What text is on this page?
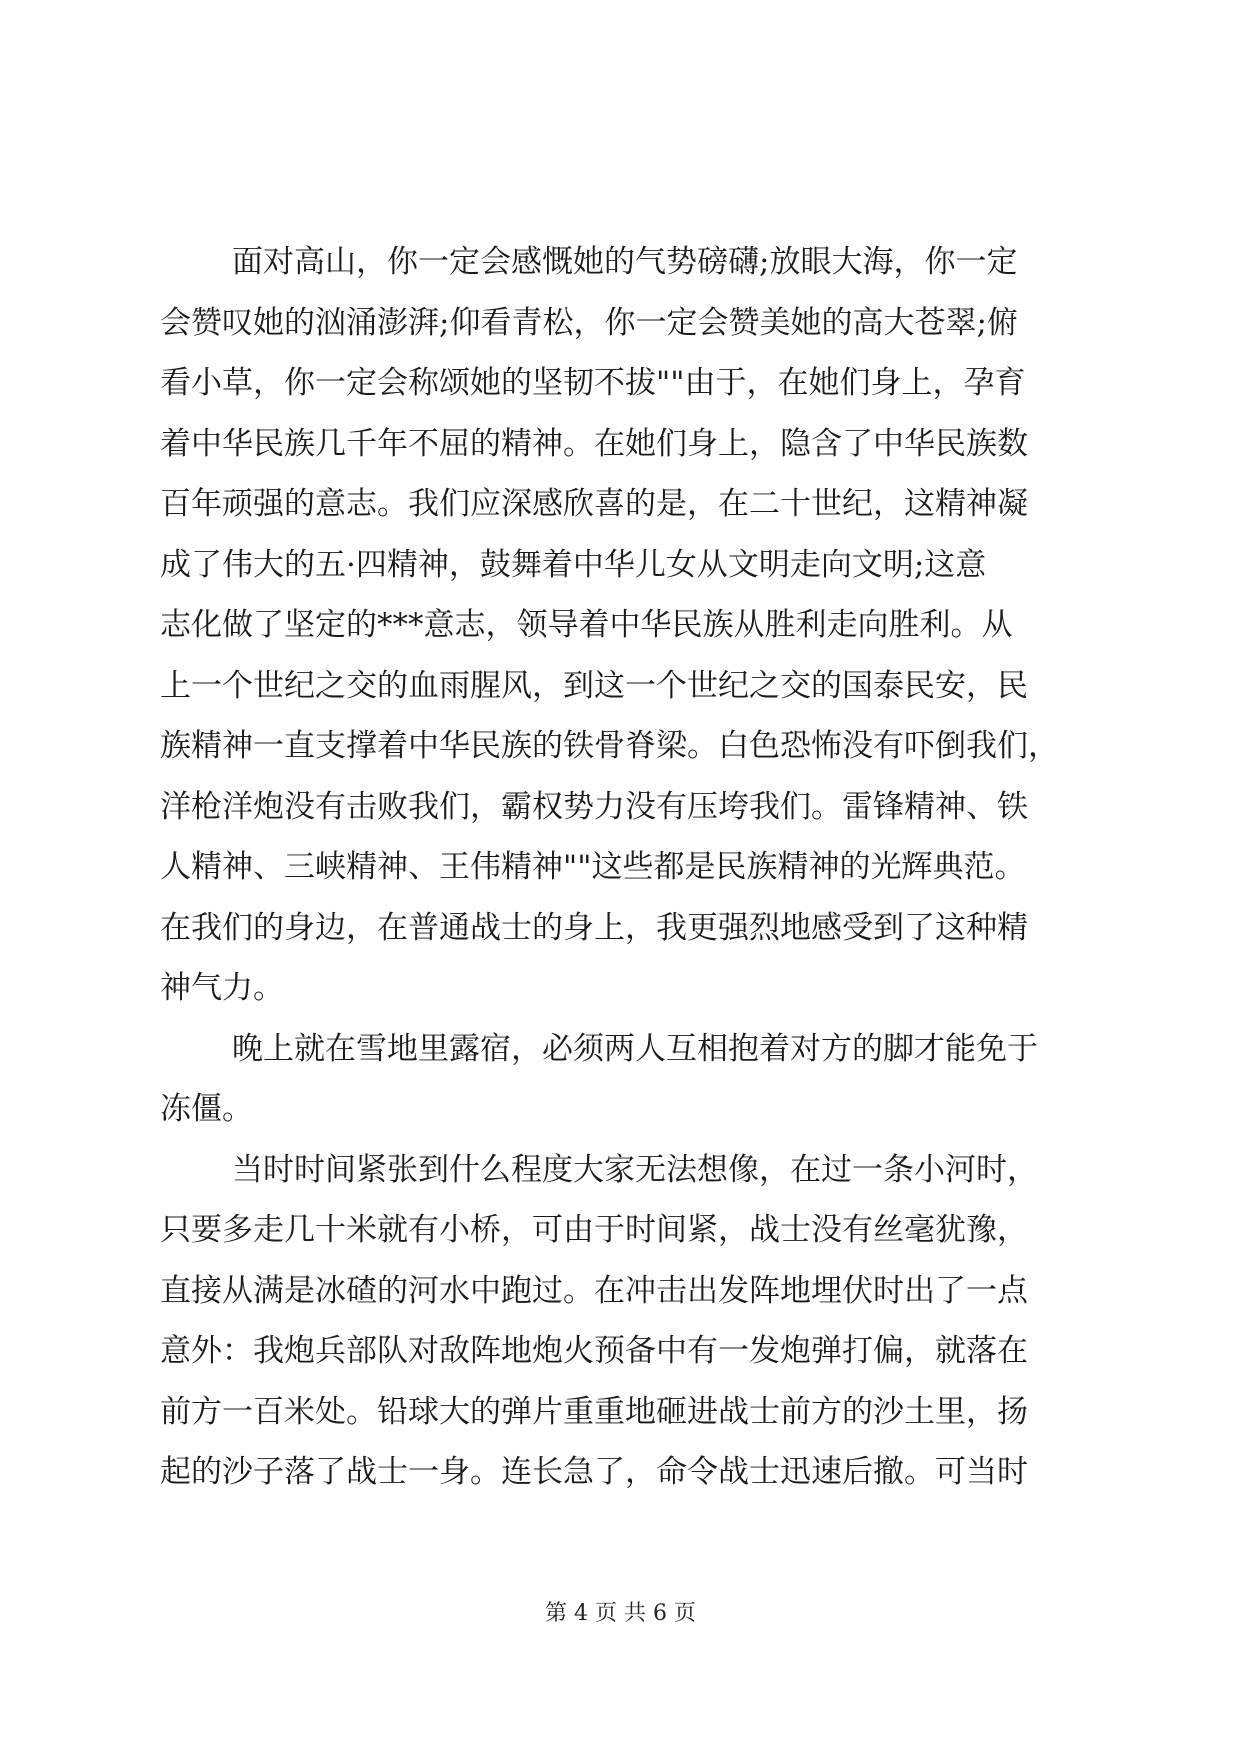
面对高山，你一定会感慨她的气势磅礴;放眼大海，你一定
会赞叹她的汹涌澎湃;仰看青松，你一定会赞美她的高大苍翠;俯
看小草，你一定会称颂她的坚韧不拔""由于，在她们身上，孕育
着中华民族几千年不屈的精神。在她们身上，隐含了中华民族数
百年顽强的意志。我们应深感欣喜的是，在二十世纪，这精神凝
成了伟大的五·四精神，鼓舞着中华儿女从文明走向文明;这意
志化做了坚定的***意志，领导着中华民族从胜利走向胜利。从
上一个世纪之交的血雨腥风，到这一个世纪之交的国泰民安，民
族精神一直支撑着中华民族的铁骨脊梁。白色恐怖没有吓倒我们，
洋枪洋炮没有击败我们，霸权势力没有压垮我们。雷锋精神、铁
人精神、三峡精神、王伟精神""这些都是民族精神的光辉典范。
在我们的身边，在普通战士的身上，我更强烈地感受到了这种精
神气力。
晚上就在雪地里露宿，必须两人互相抱着对方的脚才能免于
冻僵。
当时时间紧张到什么程度大家无法想像，在过一条小河时，
只要多走几十米就有小桥，可由于时间紧，战士没有丝毫犹豫，
直接从满是冰碴的河水中跑过。在冲击出发阵地埋伏时出了一点
意外：我炮兵部队对敌阵地炮火预备中有一发炮弹打偏，就落在
前方一百米处。铅球大的弹片重重地砸进战士前方的沙土里，扬
起的沙子落了战士一身。连长急了，命令战士迅速后撤。可当时
第 4 页 共 6 页
